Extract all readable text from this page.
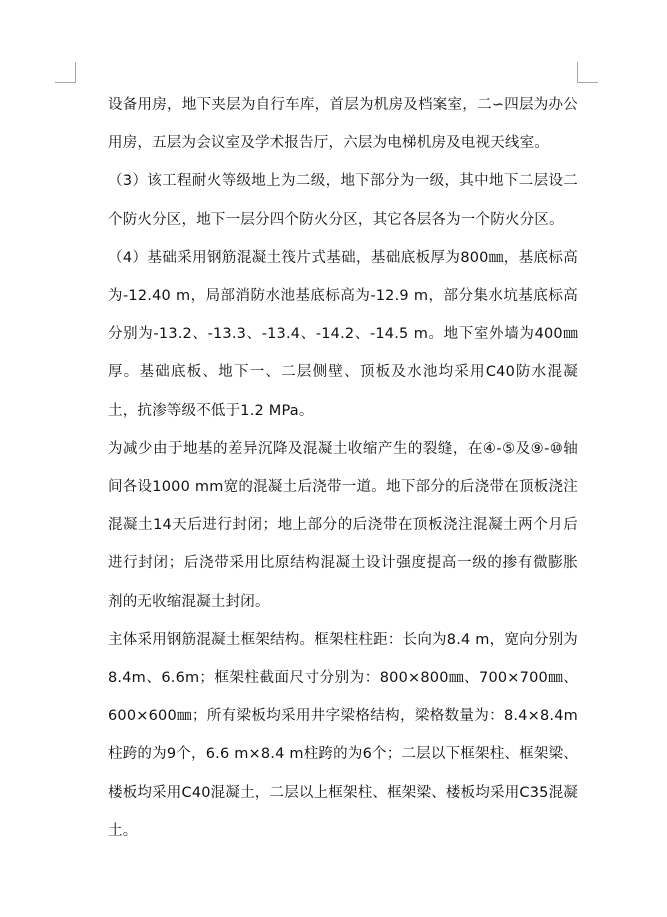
设备用房，地下夹层为自行车库，首层为机房及档案室，二∽四层为办公用房，五层为会议室及学术报告厅，六层为电梯机房及电视天线室。

（3）该工程耐火等级地上为二级，地下部分为一级，其中地下二层设二个防火分区，地下一层分四个防火分区，其它各层各为一个防火分区。

（4）基础采用钢筋混凝土筏片式基础，基础底板厚为800㎜，基底标高为-12.40 m，局部消防水池基底标高为-12.9 m，部分集水坑基底标高分别为-13.2、-13.3、-13.4、-14.2、-14.5 m。地下室外墙为400㎜厚。基础底板、地下一、二层侧壁、顶板及水池均采用C40防水混凝土，抗渗等级不低于1.2 MPa。

为减少由于地基的差异沉降及混凝土收缩产生的裂缝，在④-⑤及⑨-⑩轴间各设1000 mm宽的混凝土后浇带一道。地下部分的后浇带在顶板浇注混凝土14天后进行封闭；地上部分的后浇带在顶板浇注混凝土两个月后进行封闭；后浇带采用比原结构混凝土设计强度提高一级的掺有微膨胀剂的无收缩混凝土封闭。

主体采用钢筋混凝土框架结构。框架柱柱距：长向为8.4 m，宽向分别为8.4m、6.6m；框架柱截面尺寸分别为：800×800㎜、700×700㎜、600×600㎜；所有梁板均采用井字梁格结构，梁格数量为：8.4×8.4m柱跨的为9个，6.6 m×8.4 m柱跨的为6个；二层以下框架柱、框架梁、楼板均采用C40混凝土，二层以上框架柱、框架梁、楼板均采用C35混凝土。
